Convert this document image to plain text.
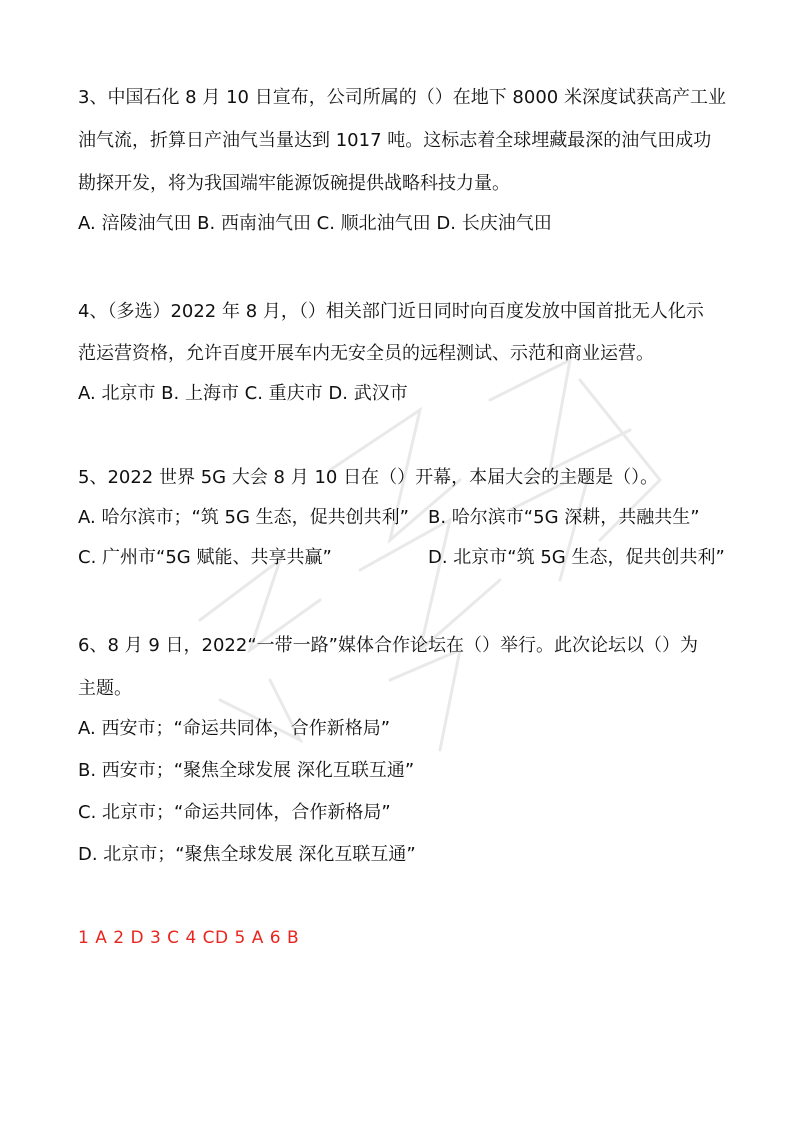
3、中国石化 8 月 10 日宣布，公司所属的（）在地下 8000 米深度试获高产工业

油气流，折算日产油气当量达到 1017 吨。这标志着全球埋藏最深的油气田成功

勘探开发，将为我国端牢能源饭碗提供战略科技力量。

A. 涪陵油气田 B. 西南油气田 C. 顺北油气田 D. 长庆油气田

4、（多选）2022 年 8 月，（）相关部门近日同时向百度发放中国首批无人化示

范运营资格，允许百度开展车内无安全员的远程测试、示范和商业运营。

A. 北京市 B. 上海市 C. 重庆市 D. 武汉市

5、2022 世界 5G 大会 8 月 10 日在（）开幕，本届大会的主题是（）。

A. 哈尔滨市；“筑 5G 生态，促共创共利” B. 哈尔滨市“5G 深耕，共融共生”
C. 广州市“5G 赋能、共享共赢”	D. 北京市“筑 5G 生态，促共创共利”

6、8 月 9 日，2022“一带一路”媒体合作论坛在（）举行。此次论坛以（）为

主题。

A. 西安市；“命运共同体，合作新格局”

B. 西安市；“聚焦全球发展 深化互联互通”

C. 北京市；“命运共同体，合作新格局”

D. 北京市；“聚焦全球发展 深化互联互通”

1 A 2 D 3 C 4 CD 5 A 6 B
